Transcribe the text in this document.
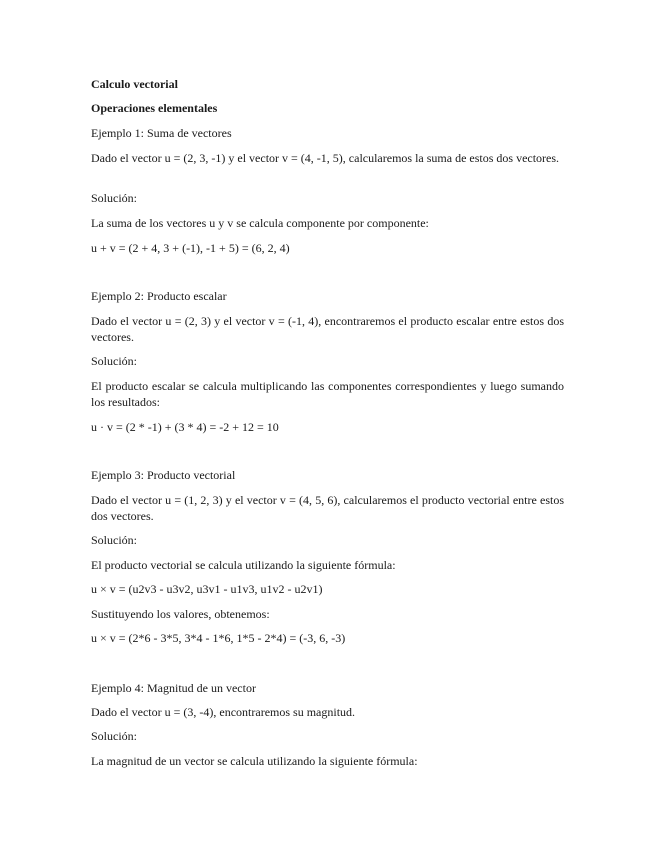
Calculo vectorial

Operaciones elementales

Ejemplo 1: Suma de vectores

Dado el vector u = (2, 3, -1) y el vector v = (4, -1, 5), calcularemos la suma de estos dos vectores.

Solución:

La suma de los vectores u y v se calcula componente por componente:

u + v = (2 + 4, 3 + (-1), -1 + 5) = (6, 2, 4)

Ejemplo 2: Producto escalar

Dado el vector u = (2, 3) y el vector v = (-1, 4), encontraremos el producto escalar entre estos dos vectores.

Solución:

El producto escalar se calcula multiplicando las componentes correspondientes y luego sumando los resultados:

u · v = (2 * -1) + (3 * 4) = -2 + 12 = 10

Ejemplo 3: Producto vectorial

Dado el vector u = (1, 2, 3) y el vector v = (4, 5, 6), calcularemos el producto vectorial entre estos dos vectores.

Solución:

El producto vectorial se calcula utilizando la siguiente fórmula:

u × v = (u2v3 - u3v2, u3v1 - u1v3, u1v2 - u2v1)

Sustituyendo los valores, obtenemos:

u × v = (2*6 - 3*5, 3*4 - 1*6, 1*5 - 2*4) = (-3, 6, -3)

Ejemplo 4: Magnitud de un vector

Dado el vector u = (3, -4), encontraremos su magnitud.

Solución:

La magnitud de un vector se calcula utilizando la siguiente fórmula:
